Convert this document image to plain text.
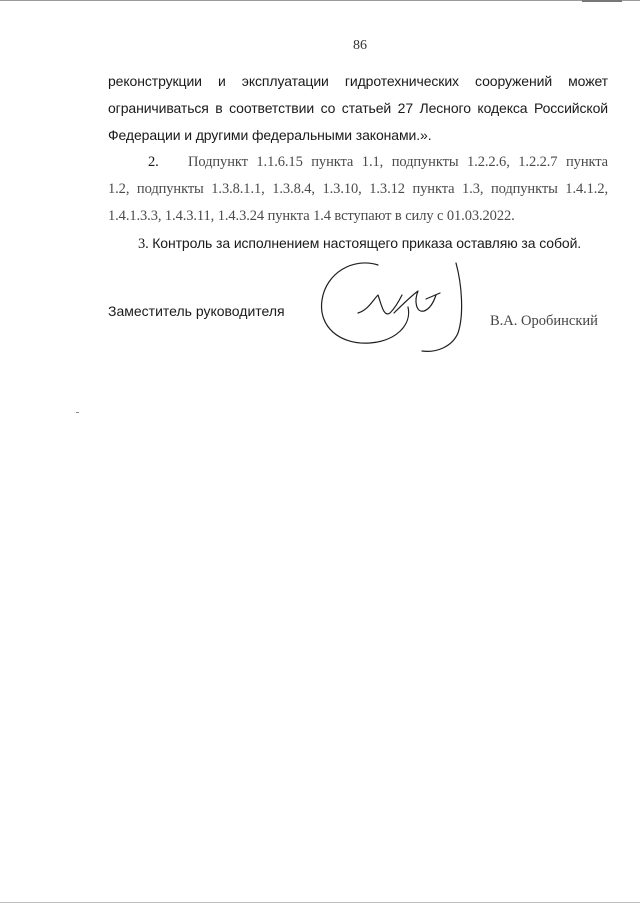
86
реконструкции и эксплуатации гидротехнических сооружений может
ограничиваться в соответствии со статьей 27 Лесного кодекса Российской
Федерации и другими федеральными законами.».
2.	Подпункт 1.1.6.15 пункта 1.1, подпункты 1.2.2.6, 1.2.2.7 пункта
1.2, подпункты 1.3.8.1.1, 1.3.8.4, 1.3.10, 1.3.12 пункта 1.3, подпункты 1.4.1.2,
1.4.1.3.3, 1.4.3.11, 1.4.3.24 пункта 1.4 вступают в силу с 01.03.2022.
3. Контроль за исполнением настоящего приказа оставляю за собой.
Заместитель руководителя
В.А. Оробинский
